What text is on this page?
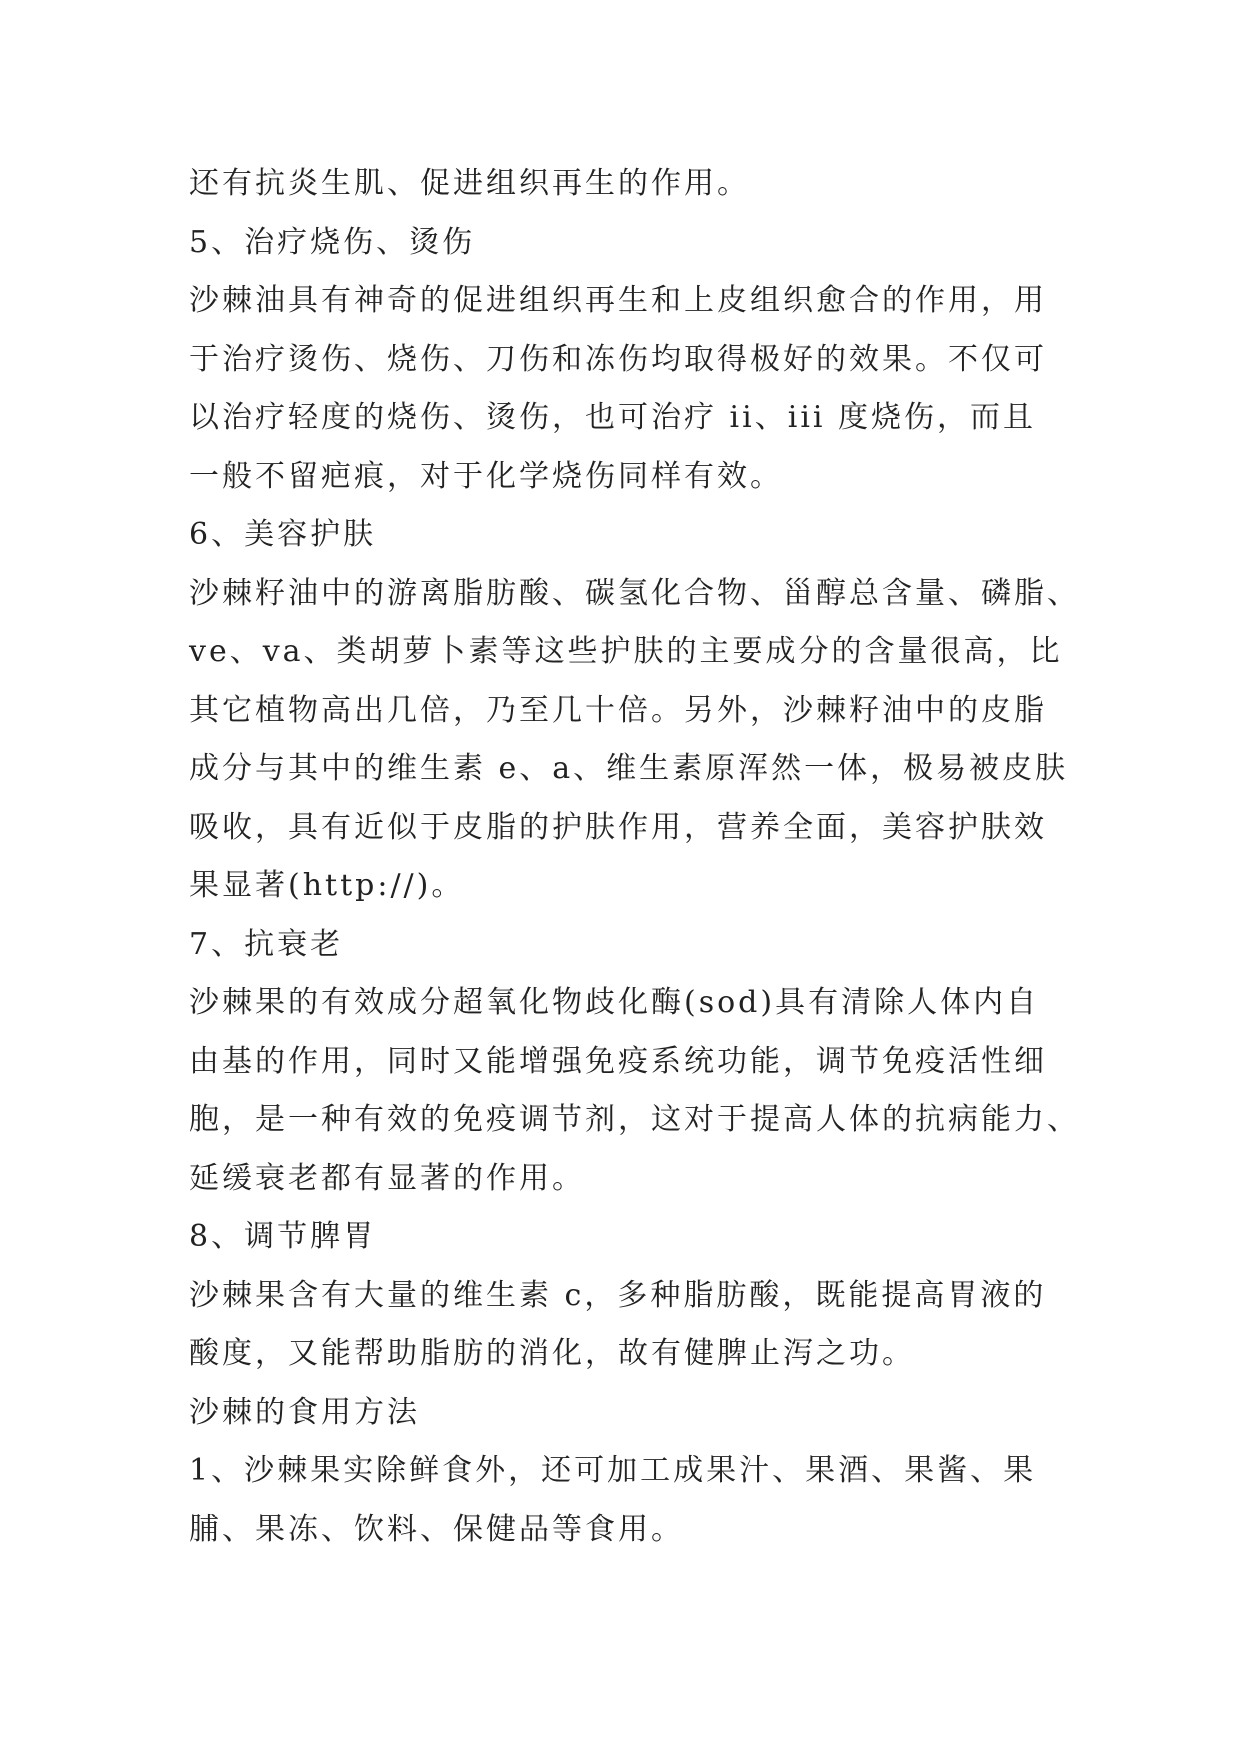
还有抗炎生肌、促进组织再生的作用。
5、治疗烧伤、烫伤
沙棘油具有神奇的促进组织再生和上皮组织愈合的作用，用
于治疗烫伤、烧伤、刀伤和冻伤均取得极好的效果。不仅可
以治疗轻度的烧伤、烫伤，也可治疗 ii、iii 度烧伤，而且
一般不留疤痕，对于化学烧伤同样有效。
6、美容护肤
沙棘籽油中的游离脂肪酸、碳氢化合物、甾醇总含量、磷脂、
ve、va、类胡萝卜素等这些护肤的主要成分的含量很高，比
其它植物高出几倍，乃至几十倍。另外，沙棘籽油中的皮脂
成分与其中的维生素 e、a、维生素原浑然一体，极易被皮肤
吸收，具有近似于皮脂的护肤作用，营养全面，美容护肤效
果显著(http://)。
7、抗衰老
沙棘果的有效成分超氧化物歧化酶(sod)具有清除人体内自
由基的作用，同时又能增强免疫系统功能，调节免疫活性细
胞，是一种有效的免疫调节剂，这对于提高人体的抗病能力、
延缓衰老都有显著的作用。
8、调节脾胃
沙棘果含有大量的维生素 c，多种脂肪酸，既能提高胃液的
酸度，又能帮助脂肪的消化，故有健脾止泻之功。
沙棘的食用方法
1、沙棘果实除鲜食外，还可加工成果汁、果酒、果酱、果
脯、果冻、饮料、保健品等食用。
